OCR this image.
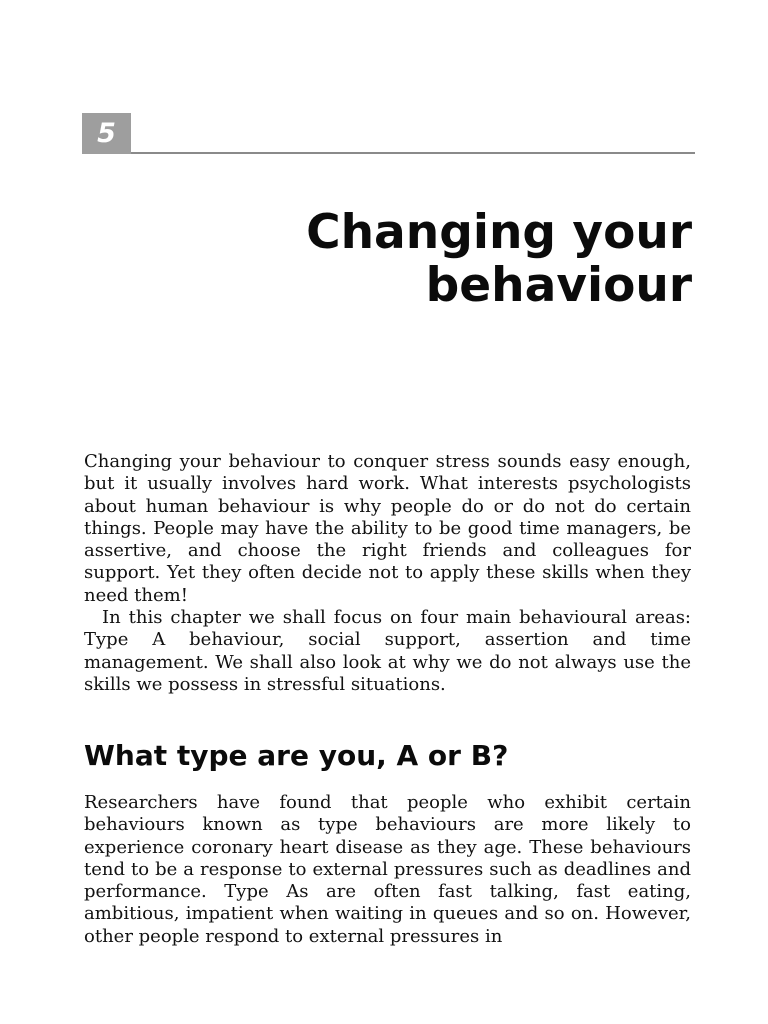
5
Changing your
behaviour

Changing your behaviour to conquer stress sounds easy enough, but it usually involves hard work. What interests psychologists about human behaviour is why people do or do not do certain things. People may have the ability to be good time managers, be assertive, and choose the right friends and colleagues for support. Yet they often decide not to apply these skills when they need them!

In this chapter we shall focus on four main behavioural areas: Type A behaviour, social support, assertion and time management. We shall also look at why we do not always use the skills we possess in stressful situations.

What type are you, A or B?

Researchers have found that people who exhibit certain behaviours known as type behaviours are more likely to experience coronary heart disease as they age. These behaviours tend to be a response to external pressures such as deadlines and performance. Type As are often fast talking, fast eating, ambitious, impatient when waiting in queues and so on. However, other people respond to external pressures in
